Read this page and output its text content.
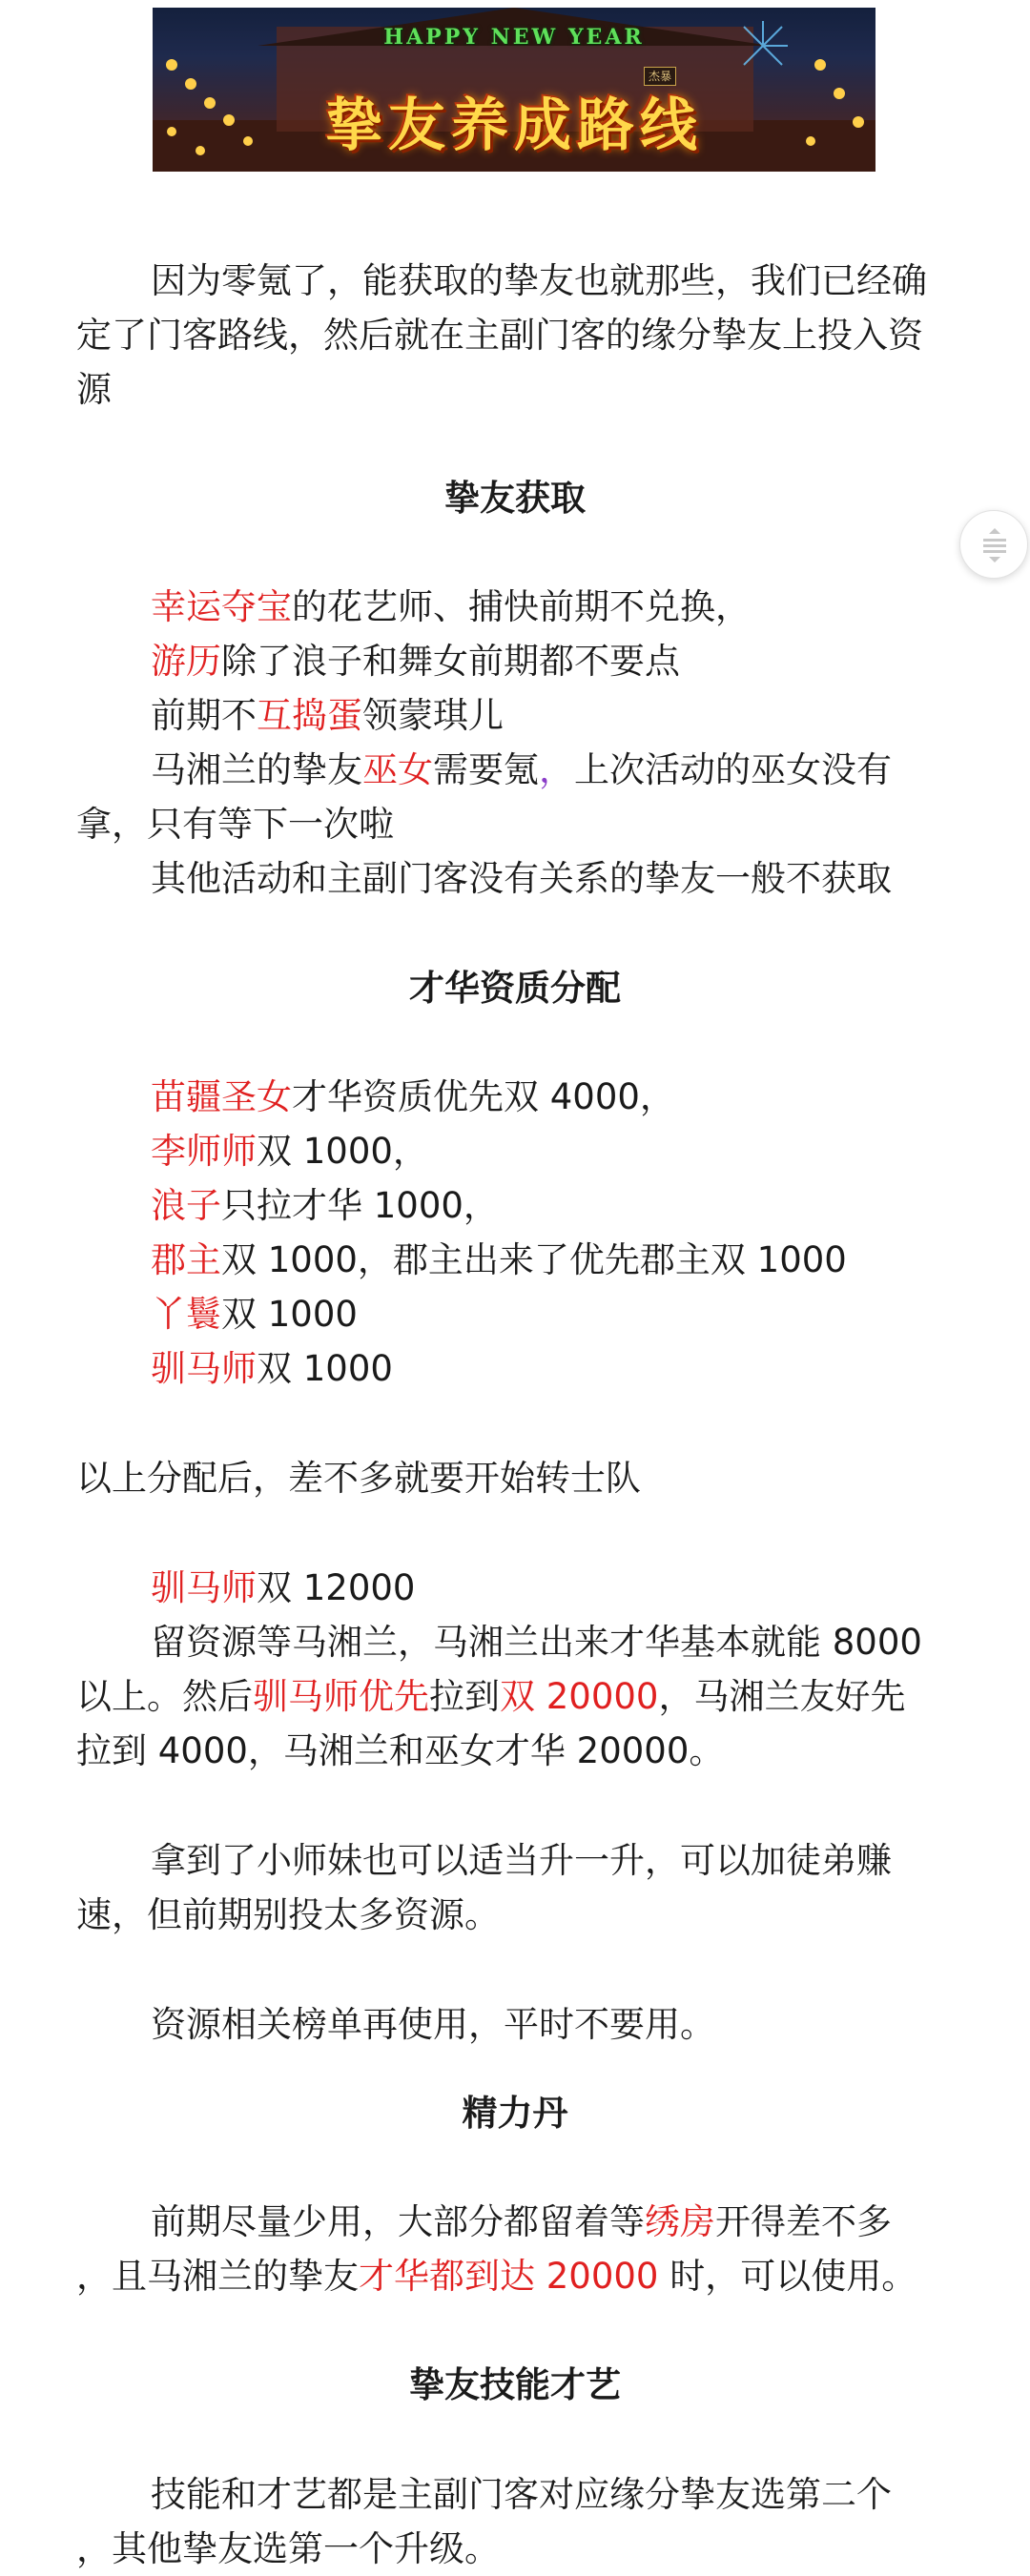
HAPPY NEW YEAR
杰暴
挚友养成路线
因为零氪了，能获取的挚友也就那些，我们已经确定了门客路线，然后就在主副门客的缘分挚友上投入资源
挚友获取
幸运夺宝的花艺师、捕快前期不兑换，
游历除了浪子和舞女前期都不要点
前期不互捣蛋领蒙琪儿
马湘兰的挚友巫女需要氪，上次活动的巫女没有
拿，只有等下一次啦
其他活动和主副门客没有关系的挚友一般不获取
才华资质分配
苗疆圣女才华资质优先双 4000，
李师师双 1000，
浪子只拉才华 1000，
郡主双 1000，郡主出来了优先郡主双 1000
丫鬟双 1000
驯马师双 1000
以上分配后，差不多就要开始转士队
驯马师双 12000
留资源等马湘兰，马湘兰出来才华基本就能 8000
以上。然后驯马师优先拉到双 20000，马湘兰友好先
拉到 4000，马湘兰和巫女才华 20000。
拿到了小师妹也可以适当升一升，可以加徒弟赚
速，但前期别投太多资源。
资源相关榜单再使用，平时不要用。
精力丹
前期尽量少用，大部分都留着等绣房开得差不多
，且马湘兰的挚友才华都到达 20000 时，可以使用。
挚友技能才艺
技能和才艺都是主副门客对应缘分挚友选第二个
，其他挚友选第一个升级。
